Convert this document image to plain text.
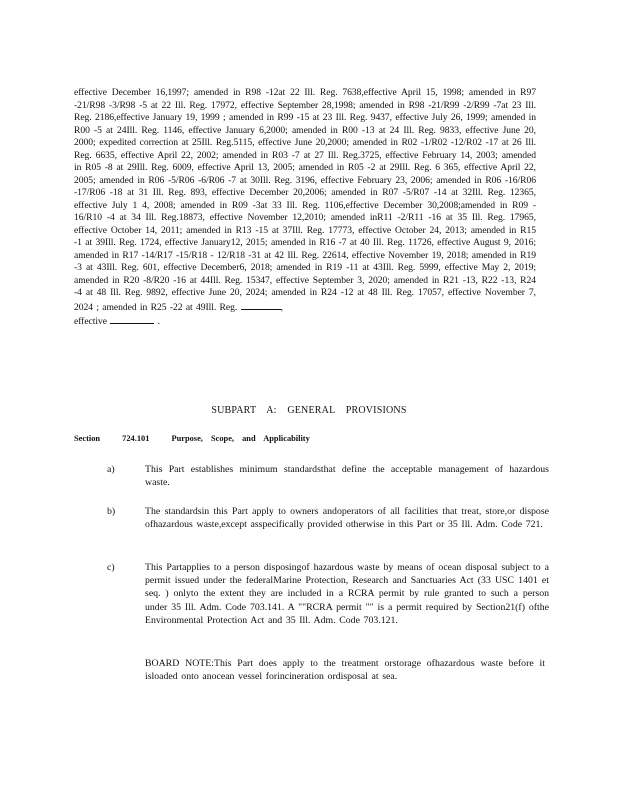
effective December 16,1997; amended in R98 -12at 22 Ill. Reg. 7638,effective April 15, 1998; amended in R97 -21/R98 -3/R98 -5 at 22 Ill. Reg. 17972, effective September 28,1998; amended in R98 -21/R99 -2/R99 -7at 23 Ill. Reg. 2186,effective January 19, 1999 ; amended in R99 -15 at 23 Ill. Reg. 9437, effective July 26, 1999; amended in R00 -5 at 24Ill. Reg. 1146, effective January 6,2000; amended in R00 -13 at 24 Ill. Reg. 9833, effective June 20, 2000; expedited correction at 25Ill. Reg.5115, effective June 20,2000; amended in R02 -1/R02 -12/R02 -17 at 26 Ill. Reg. 6635, effective April 22, 2002; amended in R03 -7 at 27 Ill. Reg.3725, effective February 14, 2003; amended in R05 -8 at 29Ill. Reg. 6009, effective April 13, 2005; amended in R05 -2 at 29Ill. Reg. 6 365, effective April 22, 2005; amended in R06 -5/R06 -6/R06 -7 at 30Ill. Reg. 3196, effective February 23, 2006; amended in R06 -16/R06 -17/R06 -18 at 31 Ill. Reg. 893, effective December 20,2006; amended in R07 -5/R07 -14 at 32Ill. Reg. 12365, effective July 1 4, 2008; amended in R09 -3at 33 Ill. Reg. 1106,effective December 30,2008;amended in R09 - 16/R10 -4 at 34 Ill. Reg.18873, effective November 12,2010; amended inR11 -2/R11 -16 at 35 Ill. Reg. 17965, effective October 14, 2011; amended in R13 -15 at 37Ill. Reg. 17773, effective October 24, 2013; amended in R15 -1 at 39Ill. Reg. 1724, effective January12, 2015; amended in R16 -7 at 40 Ill. Reg. 11726, effective August 9, 2016; amended in R17 -14/R17 -15/R18 - 12/R18 -31 at 42 Ill. Reg. 22614, effective November 19, 2018; amended in R19 -3 at 43Ill. Reg. 601, effective December6, 2018; amended in R19 -11 at 43Ill. Reg. 5999, effective May 2, 2019; amended in R20 -8/R20 -16 at 44Ill. Reg. 15347, effective September 3, 2020; amended in R21 -13, R22 -13, R24 -4 at 48 Ill. Reg. 9892, effective June 20, 2024; amended in R24 -12 at 48 Ill. Reg. 17057, effective November 7, 2024 ; amended in R25 -22 at 49Ill. Reg.	,
effective	.
SUBPART A: GENERAL PROVISIONS
Section	724.101	Purpose, Scope, and Applicability
a)	This Part establishes minimum standardsthat define the acceptable management of hazardous waste.
b)	The standardsin this Part apply to owners andoperators of all facilities that treat, store,or dispose ofhazardous waste,except asspecifically provided otherwise in this Part or 35 Ill. Adm. Code 721.
c)	This Partapplies to a person disposingof hazardous waste by means of ocean disposal subject to a permit issued under the federalMarine Protection, Research and Sanctuaries Act (33 USC 1401 et seq. ) onlyto the extent they are included in a RCRA permit by rule granted to such a person under 35 Ill. Adm. Code 703.141. A ""RCRA permit "" is a permit required by Section21(f) ofthe Environmental Protection Act and 35 Ill. Adm. Code 703.121.
BOARD NOTE:This Part does apply to the treatment orstorage ofhazardous waste before it isloaded onto anocean vessel forincineration ordisposal at sea.
